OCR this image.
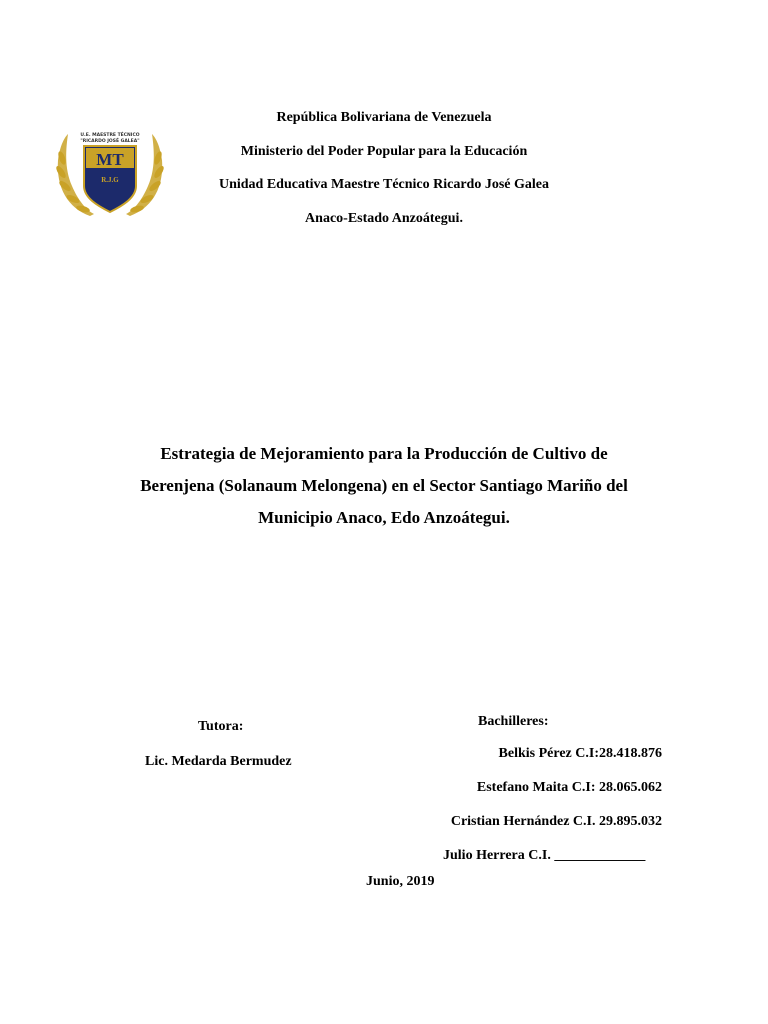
U.E. MAESTRE TÉCNICO
"RICARDO JOSÉ GALEA"
MT
R.J.G
República Bolivariana de Venezuela
Ministerio del Poder Popular para la Educación
Unidad Educativa Maestre Técnico Ricardo José Galea
Anaco-Estado Anzoátegui.
Estrategia de Mejoramiento para la Producción de Cultivo de
Berenjena (Solanaum Melongena) en el Sector Santiago Mariño del
Municipio Anaco, Edo Anzoátegui.
Tutora:
Lic. Medarda Bermudez
Bachilleres:
Belkis Pérez C.I:28.418.876
Estefano Maita C.I: 28.065.062
Cristian Hernández C.I. 29.895.032
Julio Herrera C.I. _____________
Junio, 2019
